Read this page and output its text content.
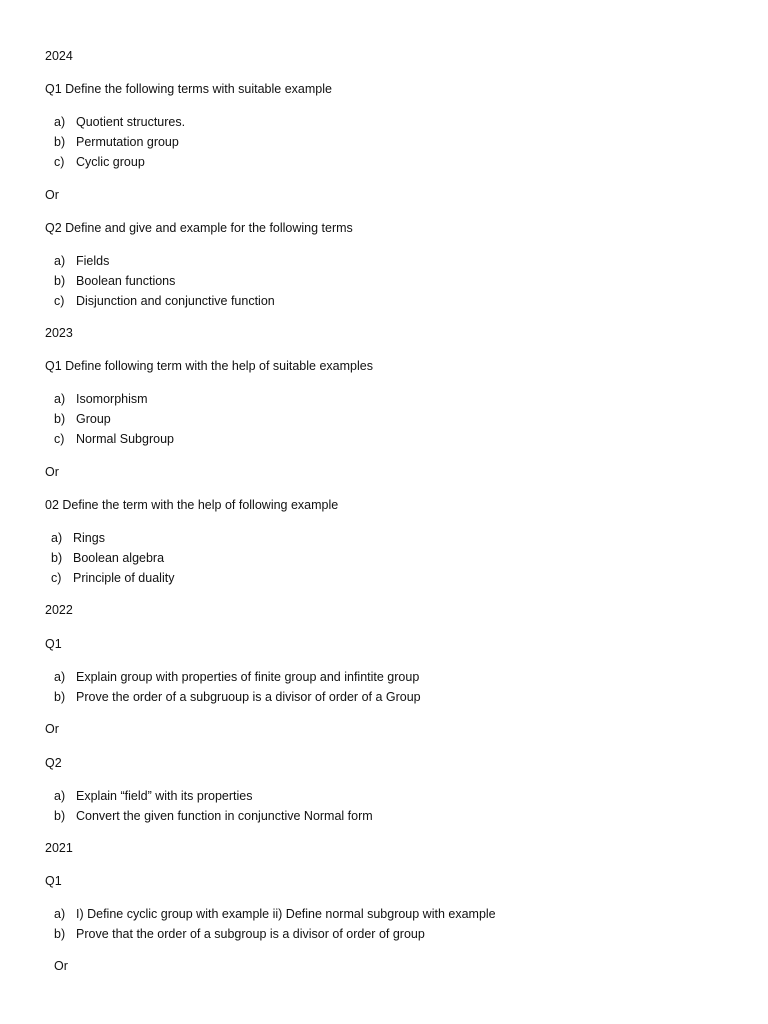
2024
Q1 Define the following terms with suitable example
a) Quotient structures.
b) Permutation group
c) Cyclic group
Or
Q2 Define and give and example for the following terms
a) Fields
b) Boolean functions
c) Disjunction and conjunctive function
2023
Q1 Define following term with the help of suitable examples
a) Isomorphism
b) Group
c) Normal Subgroup
Or
02 Define the term with the help of following example
a) Rings
b) Boolean algebra
c) Principle of duality
2022
Q1
a) Explain group with properties of finite group and infintite group
b) Prove the order of a subgruoup is a divisor of order of a Group
Or
Q2
a) Explain “field” with its properties
b) Convert the given function in conjunctive Normal form
2021
Q1
a) I) Define cyclic group with example ii) Define normal subgroup with example
b) Prove that the order of a subgroup is a divisor of order of group
Or
